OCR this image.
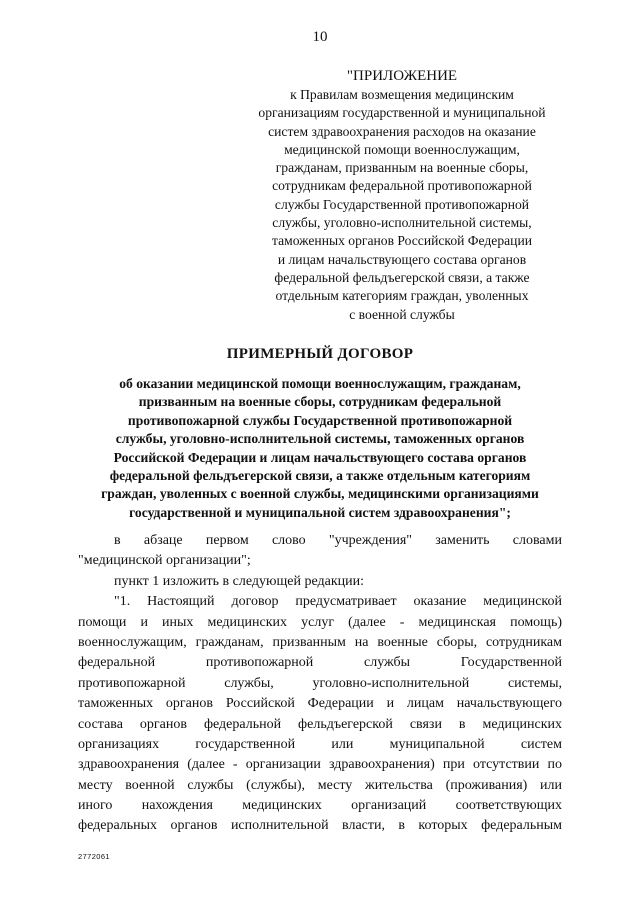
10
"ПРИЛОЖЕНИЕ
к Правилам возмещения медицинским
организациям государственной и муниципальной
систем здравоохранения расходов на оказание
медицинской помощи военнослужащим,
гражданам, призванным на военные сборы,
сотрудникам федеральной противопожарной
службы Государственной противопожарной
службы, уголовно-исполнительной системы,
таможенных органов Российской Федерации
и лицам начальствующего состава органов
федеральной фельдъегерской связи, а также
отдельным категориям граждан, уволенных
с военной службы
ПРИМЕРНЫЙ ДОГОВОР
об оказании медицинской помощи военнослужащим, гражданам,
призванным на военные сборы, сотрудникам федеральной
противопожарной службы Государственной противопожарной
службы, уголовно-исполнительной системы, таможенных органов
Российской Федерации и лицам начальствующего состава органов
федеральной фельдъегерской связи, а также отдельным категориям
граждан, уволенных с военной службы, медицинскими организациями
государственной и муниципальной систем здравоохранения";
в абзаце первом слово "учреждения" заменить словами
"медицинской организации";
пункт 1 изложить в следующей редакции:
"1. Настоящий договор предусматривает оказание медицинской
помощи и иных медицинских услуг (далее - медицинская помощь)
военнослужащим, гражданам, призванным на военные сборы, сотрудникам
федеральной противопожарной службы Государственной
противопожарной службы, уголовно-исполнительной системы,
таможенных органов Российской Федерации и лицам начальствующего
состава органов федеральной фельдъегерской связи в медицинских
организациях государственной или муниципальной систем
здравоохранения (далее - организации здравоохранения) при отсутствии по
месту военной службы (службы), месту жительства (проживания) или
иного нахождения медицинских организаций соответствующих
федеральных органов исполнительной власти, в которых федеральным
2772061
